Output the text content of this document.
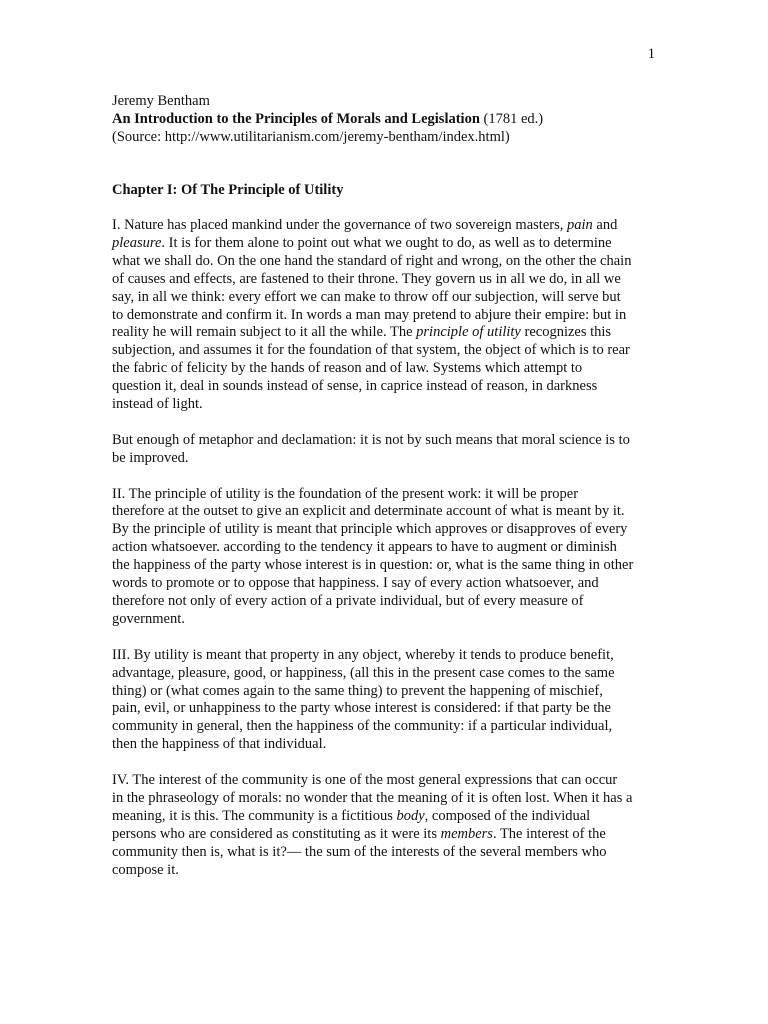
1
Jeremy Bentham
An Introduction to the Principles of Morals and Legislation (1781 ed.)
(Source: http://www.utilitarianism.com/jeremy-bentham/index.html)
Chapter I: Of The Principle of Utility

I. Nature has placed mankind under the governance of two sovereign masters, pain and
pleasure. It is for them alone to point out what we ought to do, as well as to determine
what we shall do. On the one hand the standard of right and wrong, on the other the chain
of causes and effects, are fastened to their throne. They govern us in all we do, in all we
say, in all we think: every effort we can make to throw off our subjection, will serve but
to demonstrate and confirm it. In words a man may pretend to abjure their empire: but in
reality he will remain subject to it all the while. The principle of utility recognizes this
subjection, and assumes it for the foundation of that system, the object of which is to rear
the fabric of felicity by the hands of reason and of law. Systems which attempt to
question it, deal in sounds instead of sense, in caprice instead of reason, in darkness
instead of light.

But enough of metaphor and declamation: it is not by such means that moral science is to
be improved.

II. The principle of utility is the foundation of the present work: it will be proper
therefore at the outset to give an explicit and determinate account of what is meant by it.
By the principle of utility is meant that principle which approves or disapproves of every
action whatsoever. according to the tendency it appears to have to augment or diminish
the happiness of the party whose interest is in question: or, what is the same thing in other
words to promote or to oppose that happiness. I say of every action whatsoever, and
therefore not only of every action of a private individual, but of every measure of
government.

III. By utility is meant that property in any object, whereby it tends to produce benefit,
advantage, pleasure, good, or happiness, (all this in the present case comes to the same
thing) or (what comes again to the same thing) to prevent the happening of mischief,
pain, evil, or unhappiness to the party whose interest is considered: if that party be the
community in general, then the happiness of the community: if a particular individual,
then the happiness of that individual.

IV. The interest of the community is one of the most general expressions that can occur
in the phraseology of morals: no wonder that the meaning of it is often lost. When it has a
meaning, it is this. The community is a fictitious body, composed of the individual
persons who are considered as constituting as it were its members. The interest of the
community then is, what is it?— the sum of the interests of the several members who
compose it.
